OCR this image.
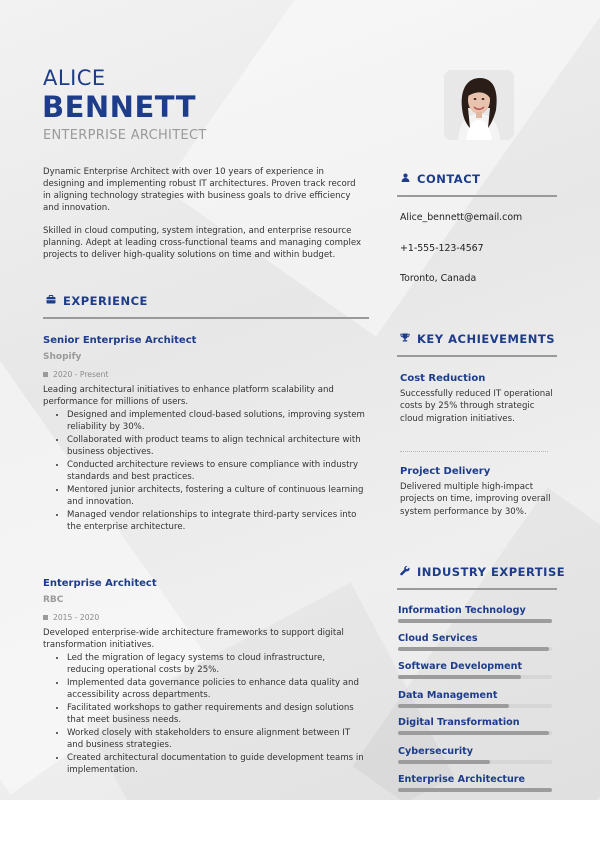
ALICE
BENNETT
ENTERPRISE ARCHITECT

Dynamic Enterprise Architect with over 10 years of experience in designing and implementing robust IT architectures. Proven track record in aligning technology strategies with business goals to drive efficiency and innovation.

Skilled in cloud computing, system integration, and enterprise resource planning. Adept at leading cross-functional teams and managing complex projects to deliver high-quality solutions on time and within budget.

EXPERIENCE
Senior Enterprise Architect
Shopify
2020 - Present
Leading architectural initiatives to enhance platform scalability and performance for millions of users.
• Designed and implemented cloud-based solutions, improving system reliability by 30%.
• Collaborated with product teams to align technical architecture with business objectives.
• Conducted architecture reviews to ensure compliance with industry standards and best practices.
• Mentored junior architects, fostering a culture of continuous learning and innovation.
• Managed vendor relationships to integrate third-party services into the enterprise architecture.
Enterprise Architect
RBC
2015 - 2020
Developed enterprise-wide architecture frameworks to support digital transformation initiatives.
• Led the migration of legacy systems to cloud infrastructure, reducing operational costs by 25%.
• Implemented data governance policies to enhance data quality and accessibility across departments.
• Facilitated workshops to gather requirements and design solutions that meet business needs.
• Worked closely with stakeholders to ensure alignment between IT and business strategies.
• Created architectural documentation to guide development teams in implementation.
CONTACT
Alice_bennett@email.com
+1-555-123-4567
Toronto, Canada
KEY ACHIEVEMENTS
Cost Reduction
Successfully reduced IT operational costs by 25% through strategic cloud migration initiatives.
Project Delivery
Delivered multiple high-impact projects on time, improving overall system performance by 30%.
INDUSTRY EXPERTISE
Information Technology
Cloud Services
Software Development
Data Management
Digital Transformation
Cybersecurity
Enterprise Architecture
